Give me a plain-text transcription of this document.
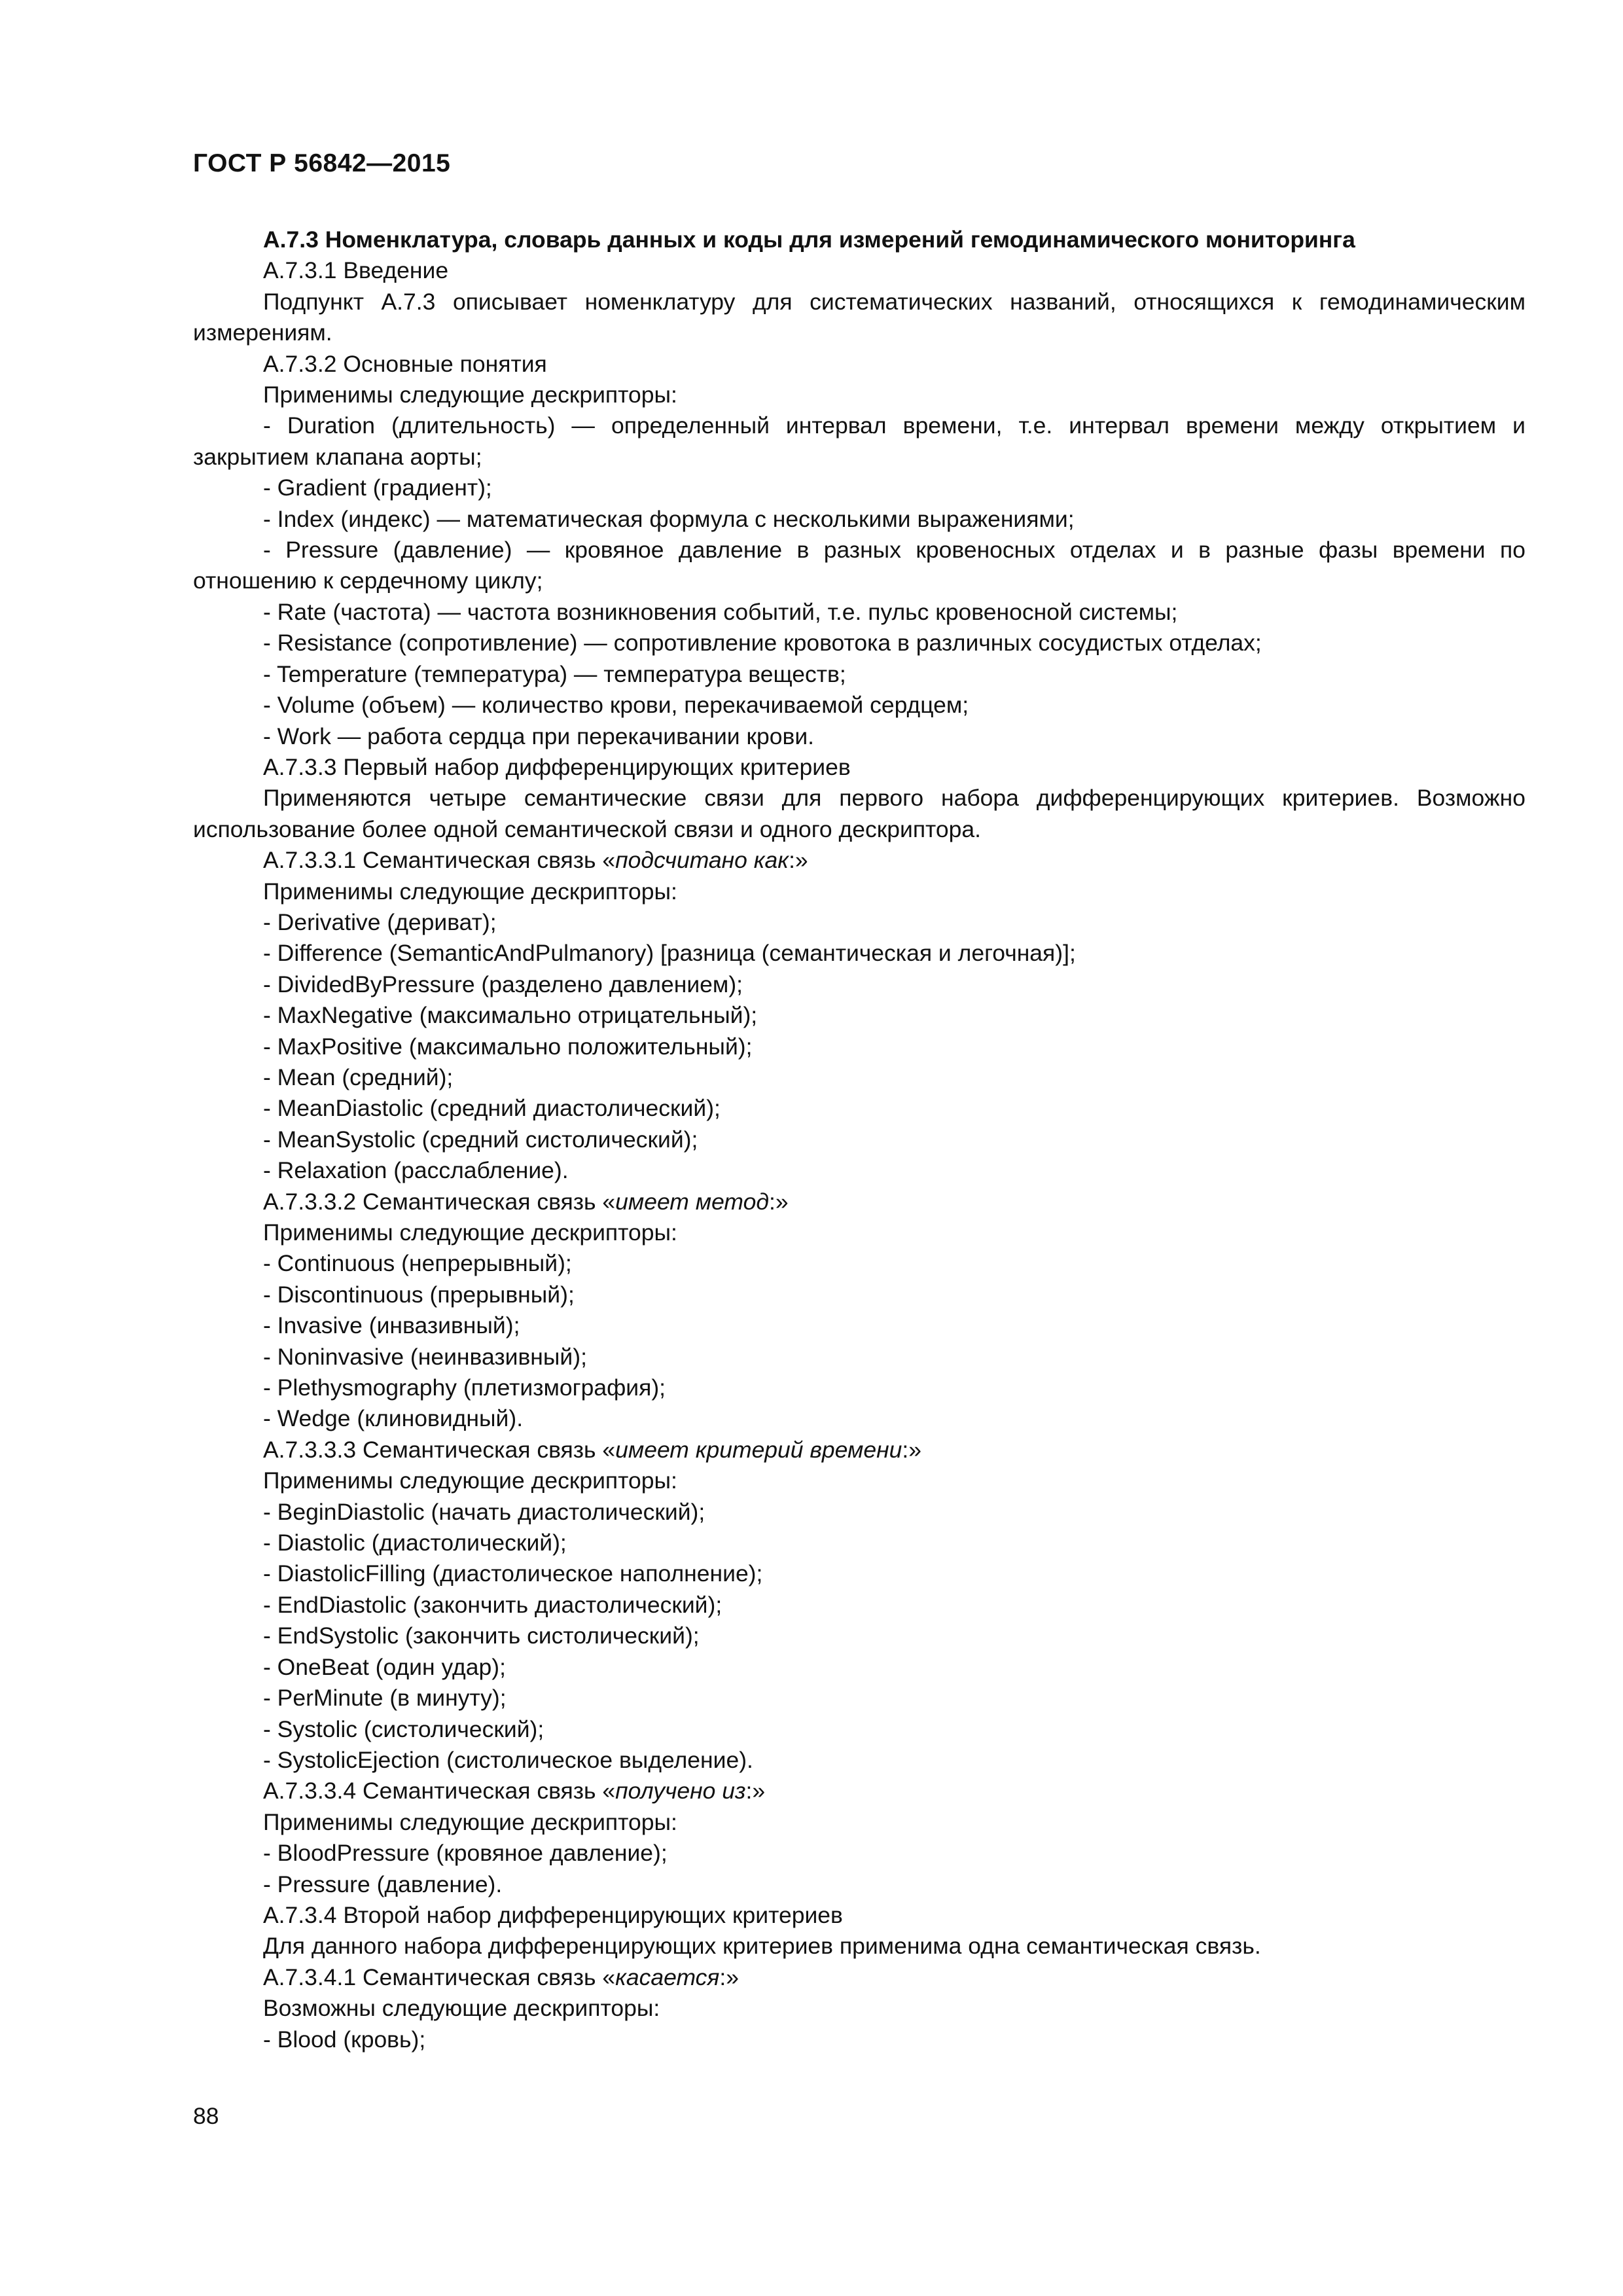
ГОСТ Р 56842—2015

А.7.3 Номенклатура, словарь данных и коды для измерений гемодинамического мониторинга

А.7.3.1 Введение

Подпункт А.7.3 описывает номенклатуру для систематических названий, относящихся к гемодинамическим измерениям.

А.7.3.2 Основные понятия

Применимы следующие дескрипторы:

- Duration (длительность) — определенный интервал времени, т.е. интервал времени между открытием и закрытием клапана аорты;

- Gradient (градиент);

- Index (индекс) — математическая формула с несколькими выражениями;

- Pressure (давление) — кровяное давление в разных кровеносных отделах и в разные фазы времени по отношению к сердечному циклу;

- Rate (частота) — частота возникновения событий, т.е. пульс кровеносной системы;

- Resistance (сопротивление) — сопротивление кровотока в различных сосудистых отделах;

- Temperature (температура) — температура веществ;

- Volume (объем) — количество крови, перекачиваемой сердцем;

- Work — работа сердца при перекачивании крови.

А.7.3.3 Первый набор дифференцирующих критериев

Применяются четыре семантические связи для первого набора дифференцирующих критериев. Возможно использование более одной семантической связи и одного дескриптора.

А.7.3.3.1 Семантическая связь «подсчитано как:»

Применимы следующие дескрипторы:

- Derivative (дериват);

- Difference (SemanticAndPulmanory) [разница (семантическая и легочная)];

- DividedByPressure (разделено давлением);

- MaxNegative (максимально отрицательный);

- MaxPositive (максимально положительный);

- Mean (средний);

- MeanDiastolic (средний диастолический);

- MeanSystolic (средний систолический);

- Relaxation (расслабление).

А.7.3.3.2 Семантическая связь «имеет метод:»

Применимы следующие дескрипторы:

- Continuous (непрерывный);

- Discontinuous (прерывный);

- Invasive (инвазивный);

- Noninvasive (неинвазивный);

- Plethysmography (плетизмография);

- Wedge (клиновидный).

А.7.3.3.3 Семантическая связь «имеет критерий времени:»

Применимы следующие дескрипторы:

- BeginDiastolic (начать диастолический);

- Diastolic (диастолический);

- DiastolicFilling (диастолическое наполнение);

- EndDiastolic (закончить диастолический);

- EndSystolic (закончить систолический);

- OneBeat (один удар);

- PerMinute (в минуту);

- Systolic (систолический);

- SystolicEjection (систолическое выделение).

А.7.3.3.4 Семантическая связь «получено из:»

Применимы следующие дескрипторы:

- BloodPressure (кровяное давление);

- Pressure (давление).

А.7.3.4 Второй набор дифференцирующих критериев

Для данного набора дифференцирующих критериев применима одна семантическая связь.

А.7.3.4.1 Семантическая связь «касается:»

Возможны следующие дескрипторы:

- Blood (кровь);

88
